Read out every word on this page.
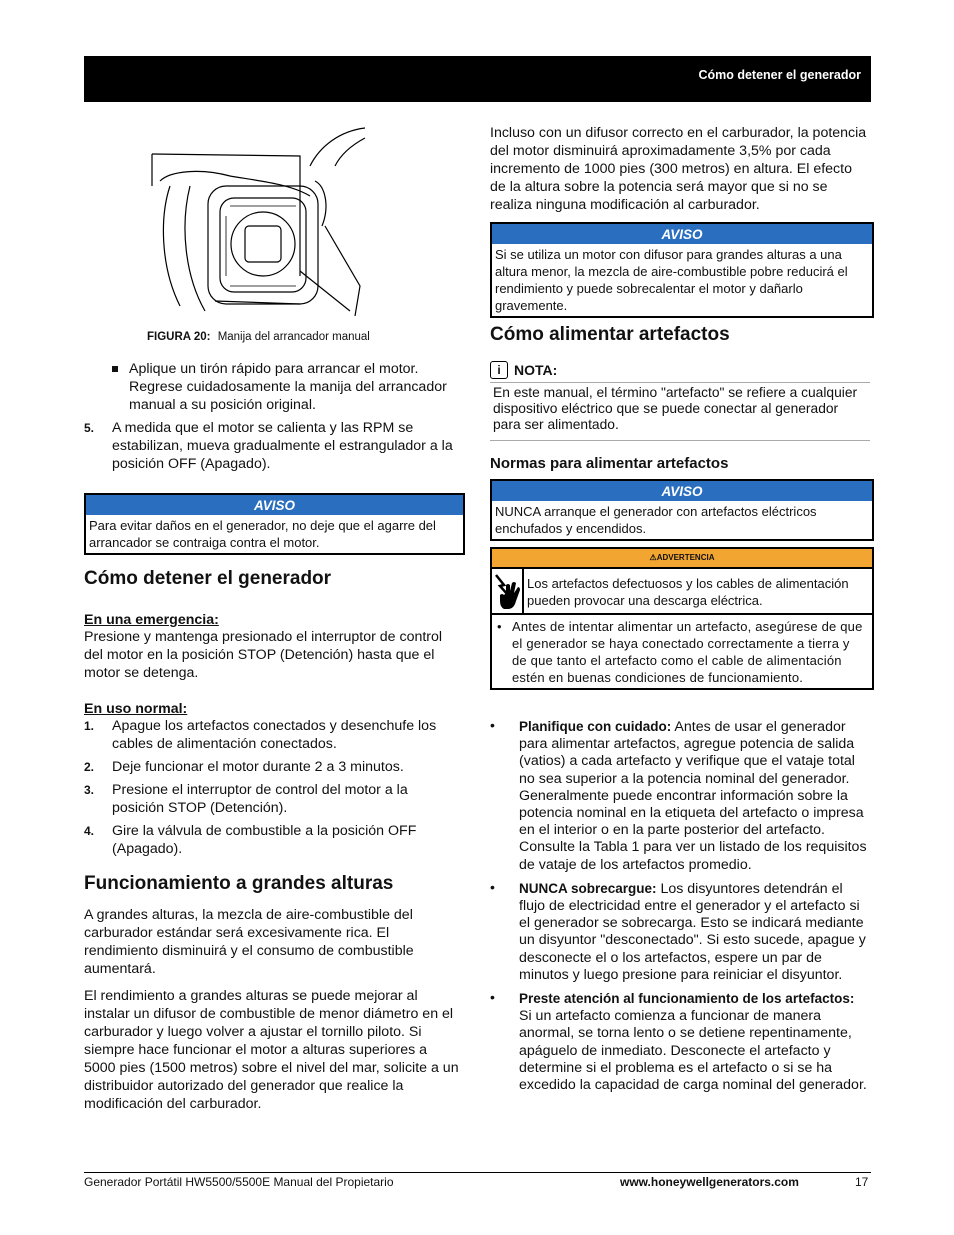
Cómo detener el generador
FIGURA 20: Manija del arrancador manual
Aplique un tirón rápido para arrancar el motor. Regrese cuidadosamente la manija del arrancador manual a su posición original.
5. A medida que el motor se calienta y las RPM se estabilizan, mueva gradualmente el estrangulador a la posición OFF (Apagado).
AVISO
Para evitar daños en el generador, no deje que el agarre del arrancador se contraiga contra el motor.
Cómo detener el generador
En una emergencia:

Presione y mantenga presionado el interruptor de control del motor en la posición STOP (Detención) hasta que el motor se detenga.

En uso normal:
1. Apague los artefactos conectados y desenchufe los cables de alimentación conectados.
2. Deje funcionar el motor durante 2 a 3 minutos.
3. Presione el interruptor de control del motor a la posición STOP (Detención).
4. Gire la válvula de combustible a la posición OFF (Apagado).
Funcionamiento a grandes alturas

A grandes alturas, la mezcla de aire-combustible del carburador estándar será excesivamente rica. El rendimiento disminuirá y el consumo de combustible aumentará.

El rendimiento a grandes alturas se puede mejorar al instalar un difusor de combustible de menor diámetro en el carburador y luego volver a ajustar el tornillo piloto. Si siempre hace funcionar el motor a alturas superiores a 5000 pies (1500 metros) sobre el nivel del mar, solicite a un distribuidor autorizado del generador que realice la modificación del carburador.

Incluso con un difusor correcto en el carburador, la potencia del motor disminuirá aproximadamente 3,5% por cada incremento de 1000 pies (300 metros) en altura. El efecto de la altura sobre la potencia será mayor que si no se realiza ninguna modificación al carburador.

AVISO
Si se utiliza un motor con difusor para grandes alturas a una altura menor, la mezcla de aire-combustible pobre reducirá el rendimiento y puede sobrecalentar el motor y dañarlo gravemente.
Cómo alimentar artefactos
i NOTA:

En este manual, el término "artefacto" se refiere a cualquier dispositivo eléctrico que se puede conectar al generador para ser alimentado.

Normas para alimentar artefactos
AVISO
NUNCA arranque el generador con artefactos eléctricos enchufados y encendidos.
⚠ADVERTENCIA
Los artefactos defectuosos y los cables de alimentación pueden provocar una descarga eléctrica.
• Antes de intentar alimentar un artefacto, asegúrese de que el generador se haya conectado correctamente a tierra y de que tanto el artefacto como el cable de alimentación estén en buenas condiciones de funcionamiento.
• Planifique con cuidado: Antes de usar el generador para alimentar artefactos, agregue potencia de salida (vatios) a cada artefacto y verifique que el vataje total no sea superior a la potencia nominal del generador. Generalmente puede encontrar información sobre la potencia nominal en la etiqueta del artefacto o impresa en el interior o en la parte posterior del artefacto. Consulte la Tabla 1 para ver un listado de los requisitos de vataje de los artefactos promedio.
• NUNCA sobrecargue: Los disyuntores detendrán el flujo de electricidad entre el generador y el artefacto si el generador se sobrecarga. Esto se indicará mediante un disyuntor "desconectado". Si esto sucede, apague y desconecte el o los artefactos, espere un par de minutos y luego presione para reiniciar el disyuntor.
• Preste atención al funcionamiento de los artefactos: Si un artefacto comienza a funcionar de manera anormal, se torna lento o se detiene repentinamente, apáguelo de inmediato. Desconecte el artefacto y determine si el problema es el artefacto o si se ha excedido la capacidad de carga nominal del generador.
Generador Portátil HW5500/5500E Manual del Propietario	www.honeywellgenerators.com	17
